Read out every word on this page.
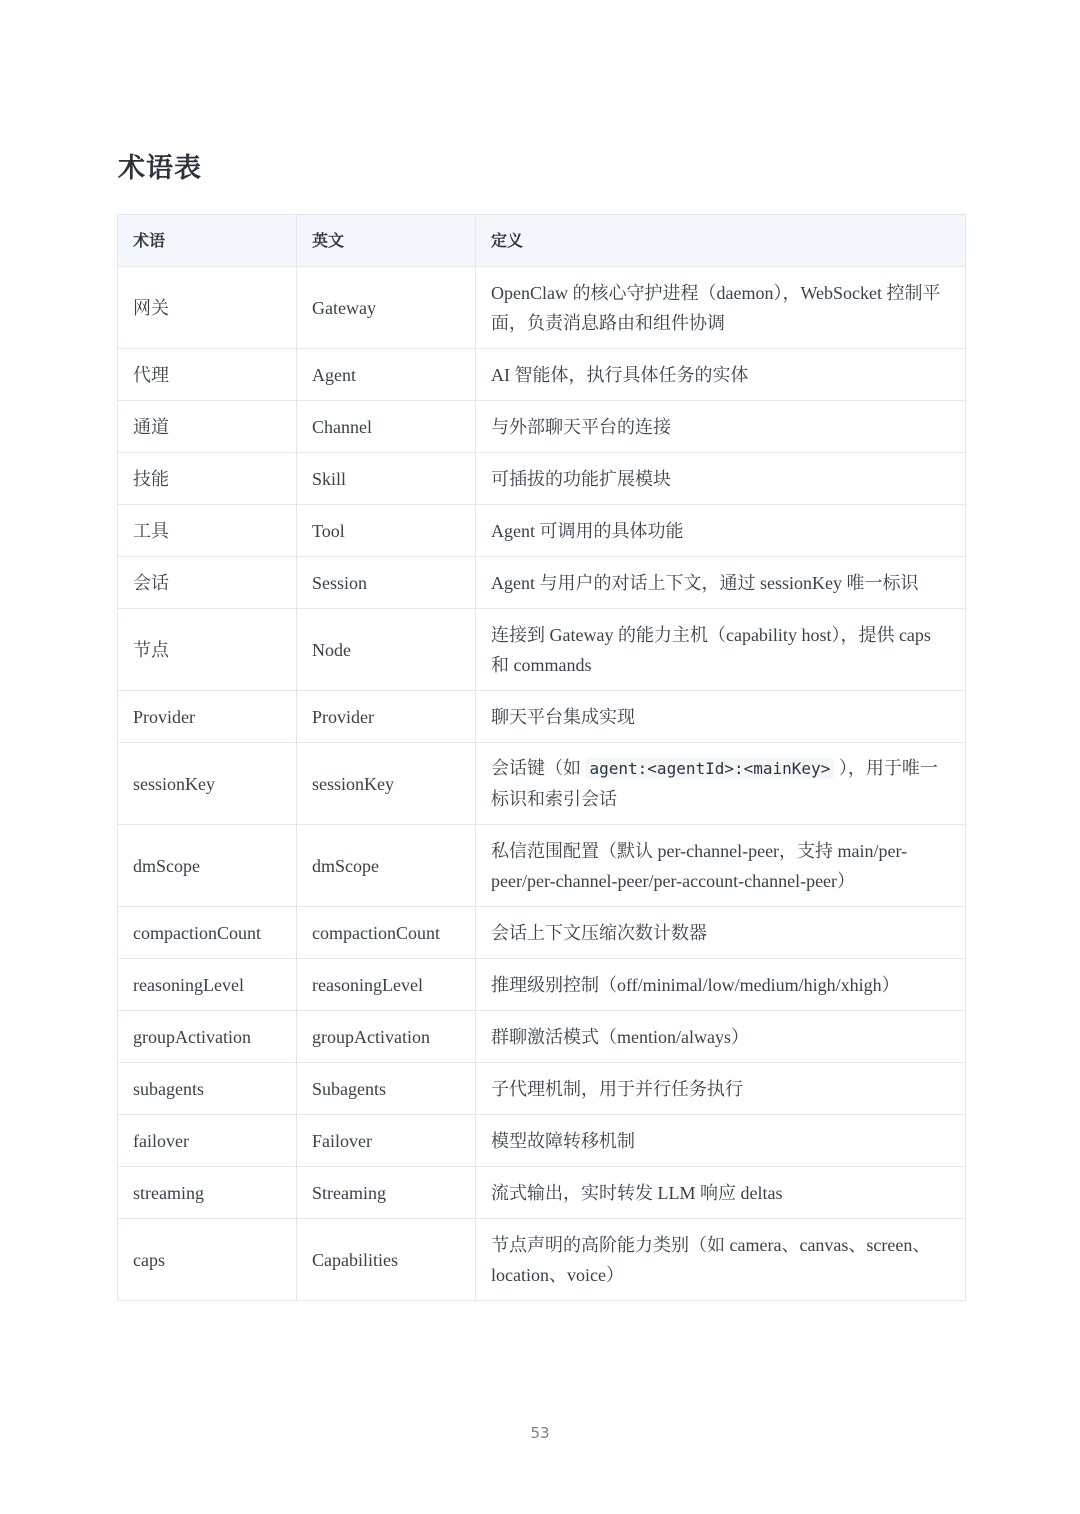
术语表
术语	英文	定义
网关	Gateway	OpenClaw 的核心守护进程（daemon），WebSocket 控制平面，负责消息路由和组件协调
代理	Agent	AI 智能体，执行具体任务的实体
通道	Channel	与外部聊天平台的连接
技能	Skill	可插拔的功能扩展模块
工具	Tool	Agent 可调用的具体功能
会话	Session	Agent 与用户的对话上下文，通过 sessionKey 唯一标识
节点	Node	连接到 Gateway 的能力主机（capability host），提供 caps 和 commands
Provider	Provider	聊天平台集成实现
sessionKey	sessionKey	会话键（如 agent:<agentId>:<mainKey> ），用于唯一标识和索引会话
dmScope	dmScope	私信范围配置（默认 per-channel-peer，支持 main/per-peer/per-channel-peer/per-account-channel-peer）
compactionCount	compactionCount	会话上下文压缩次数计数器
reasoningLevel	reasoningLevel	推理级别控制（off/minimal/low/medium/high/xhigh）
groupActivation	groupActivation	群聊激活模式（mention/always）
subagents	Subagents	子代理机制，用于并行任务执行
failover	Failover	模型故障转移机制
streaming	Streaming	流式输出，实时转发 LLM 响应 deltas
caps	Capabilities	节点声明的高阶能力类别（如 camera、canvas、screen、location、voice）
53
